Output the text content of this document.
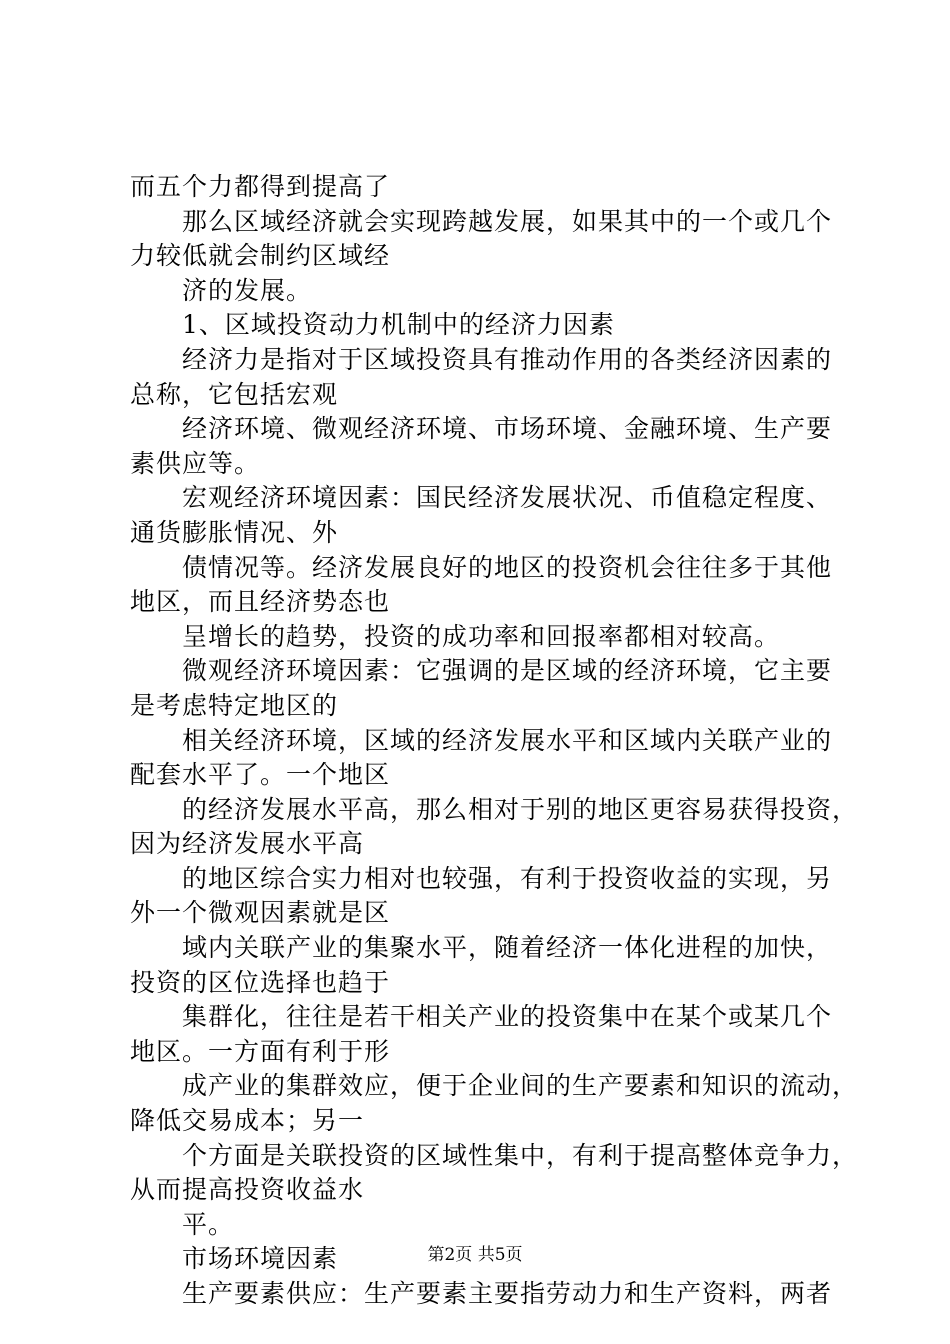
而五个力都得到提高了
那么区域经济就会实现跨越发展，如果其中的一个或几个
力较低就会制约区域经
济的发展。
1、区域投资动力机制中的经济力因素
经济力是指对于区域投资具有推动作用的各类经济因素的
总称，它包括宏观
经济环境、微观经济环境、市场环境、金融环境、生产要
素供应等。
宏观经济环境因素：国民经济发展状况、币值稳定程度、
通货膨胀情况、外
债情况等。经济发展良好的地区的投资机会往往多于其他
地区，而且经济势态也
呈增长的趋势，投资的成功率和回报率都相对较高。
微观经济环境因素：它强调的是区域的经济环境，它主要
是考虑特定地区的
相关经济环境，区域的经济发展水平和区域内关联产业的
配套水平了。一个地区
的经济发展水平高，那么相对于别的地区更容易获得投资，
因为经济发展水平高
的地区综合实力相对也较强，有利于投资收益的实现，另
外一个微观因素就是区
域内关联产业的集聚水平，随着经济一体化进程的加快，
投资的区位选择也趋于
集群化，往往是若干相关产业的投资集中在某个或某几个
地区。一方面有利于形
成产业的集群效应，便于企业间的生产要素和知识的流动，
降低交易成本；另一
个方面是关联投资的区域性集中，有利于提高整体竞争力，
从而提高投资收益水
平。
市场环境因素
生产要素供应：生产要素主要指劳动力和生产资料，两者
第2页 共5页
